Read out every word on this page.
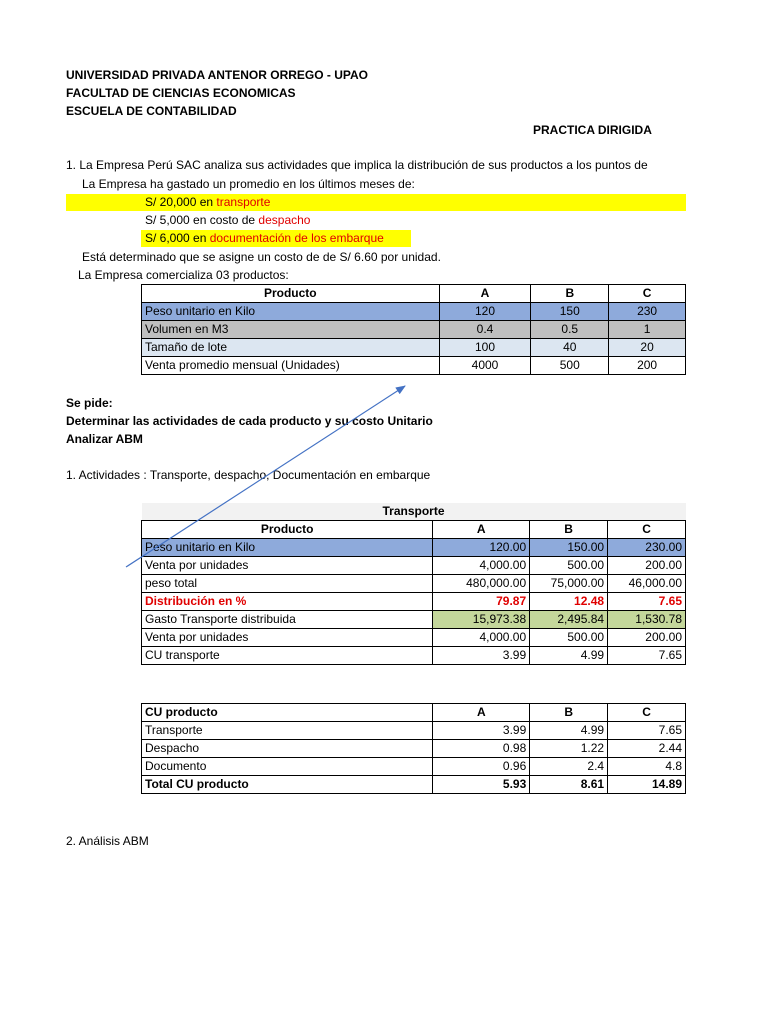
UNIVERSIDAD PRIVADA ANTENOR ORREGO - UPAO
FACULTAD DE CIENCIAS ECONOMICAS
ESCUELA DE CONTABILIDAD
PRACTICA DIRIGIDA
1. La Empresa Perú SAC analiza sus actividades que implica la distribución de sus productos a los puntos de
La Empresa ha gastado un promedio en los últimos meses de:
S/ 20,000 en transporte
S/ 5,000 en costo de despacho
S/ 6,000 en documentación de los embarque
Está determinado que se asigne un costo de de S/ 6.60 por unidad.
La Empresa comercializa 03 productos:
Producto	A	B	C
Peso unitario en Kilo	120	150	230
Volumen en M3	0.4	0.5	1
Tamaño de lote	100	40	20
Venta promedio mensual (Unidades)	4000	500	200
Se pide:
Determinar las actividades de cada producto y su costo Unitario
Analizar ABM
1. Actividades : Transporte, despacho, Documentación en embarque
Transporte			
Producto	A	B	C
Peso unitario en Kilo	120.00	150.00	230.00
Venta por unidades	4,000.00	500.00	200.00
peso total	480,000.00	75,000.00	46,000.00
Distribución en %	79.87	12.48	7.65
Gasto Transporte distribuida	15,973.38	2,495.84	1,530.78
Venta por unidades	4,000.00	500.00	200.00
CU transporte	3.99	4.99	7.65
CU producto	A	B	C
Transporte	3.99	4.99	7.65
Despacho	0.98	1.22	2.44
Documento	0.96	2.4	4.8
Total CU producto	5.93	8.61	14.89
2. Análisis ABM
